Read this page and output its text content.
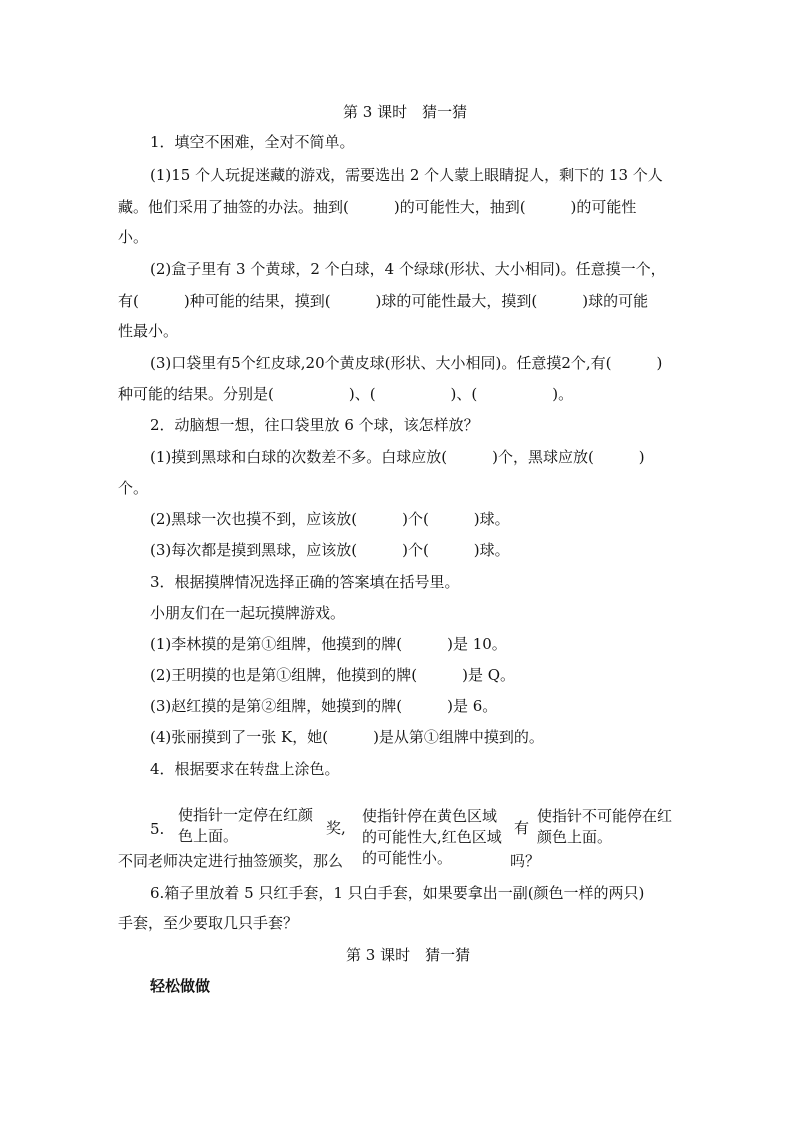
第 3 课时　猜一猜
1．填空不困难，全对不简单。
(1)15 个人玩捉迷藏的游戏，需要选出 2 个人蒙上眼睛捉人，剩下的 13 个人
藏。他们采用了抽签的办法。抽到(　　　)的可能性大，抽到(　　　)的可能性
小。
(2)盒子里有 3 个黄球，2 个白球，4 个绿球(形状、大小相同)。任意摸一个，
有(　　　)种可能的结果，摸到(　　　)球的可能性最大，摸到(　　　)球的可能
性最小。
(3)口袋里有5个红皮球,20个黄皮球(形状、大小相同)。任意摸2个,有(　　　)
种可能的结果。分别是(　　　　　)、(　　　　　)、(　　　　　)。
2．动脑想一想，往口袋里放 6 个球，该怎样放？
(1)摸到黑球和白球的次数差不多。白球应放(　　　)个，黑球应放(　　　)
个。
(2)黑球一次也摸不到，应该放(　　　)个(　　　)球。
(3)每次都是摸到黑球，应该放(　　　)个(　　　)球。
3．根据摸牌情况选择正确的答案填在括号里。
小朋友们在一起玩摸牌游戏。
(1)李林摸的是第①组牌，他摸到的牌(　　　)是 10。
(2)王明摸的也是第①组牌，他摸到的牌(　　　)是 Q。
(3)赵红摸的是第②组牌，她摸到的牌(　　　)是 6。
(4)张丽摸到了一张 K，她(　　　)是从第①组牌中摸到的。
4．根据要求在转盘上涂色。
5.	奖,	有
不同老师决定进行抽签颁奖，那么	吗？
使指针一定停在红颜色上面。
使指针停在黄色区域的可能性大,红色区域的可能性小。
使指针不可能停在红颜色上面。
6.箱子里放着 5 只红手套，1 只白手套，如果要拿出一副(颜色一样的两只)
手套，至少要取几只手套？
第 3 课时　猜一猜
轻松做做
